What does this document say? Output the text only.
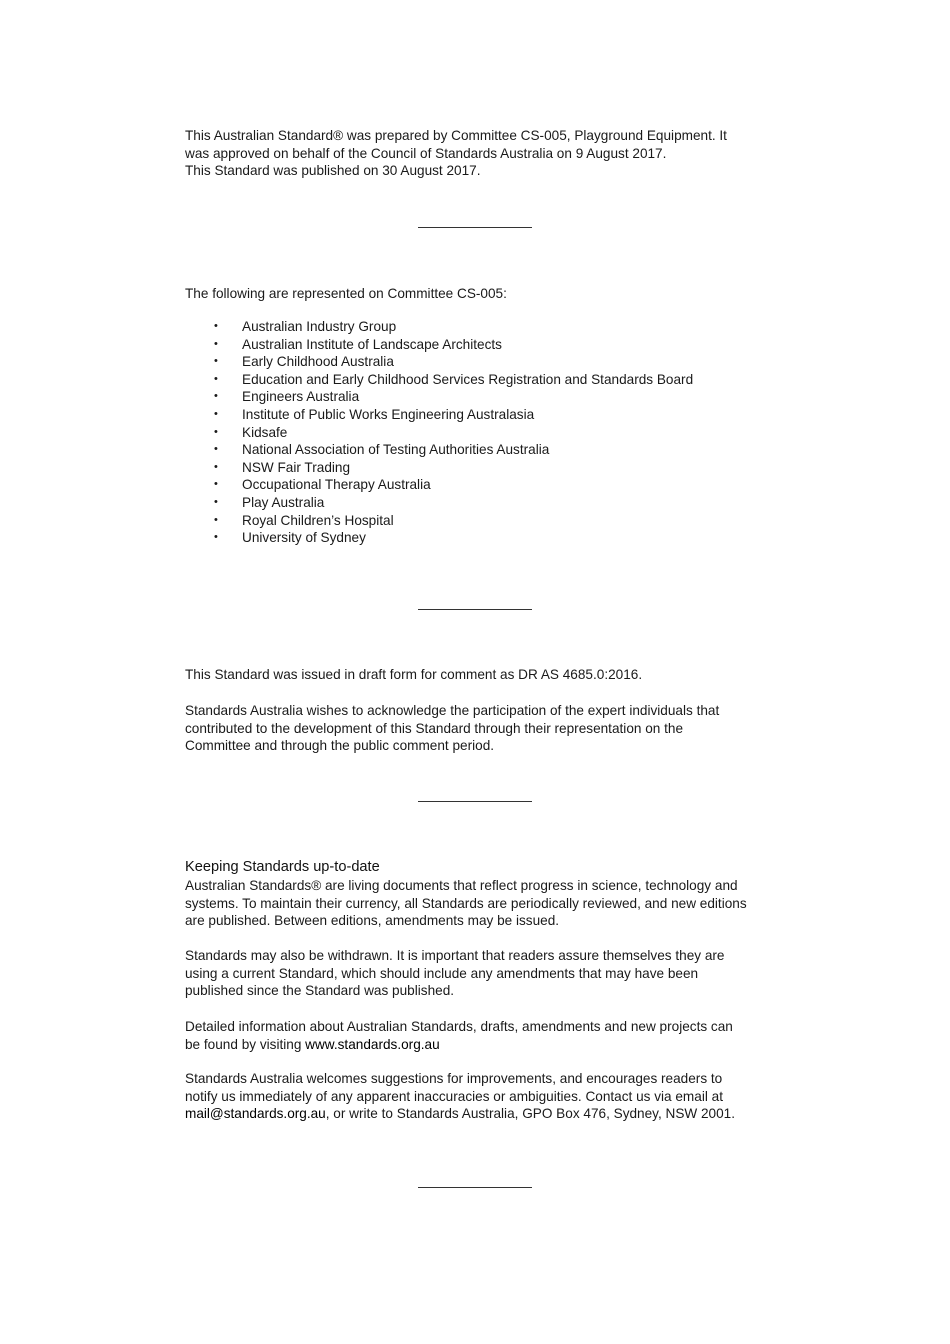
This Australian Standard® was prepared by Committee CS-005, Playground Equipment. It
was approved on behalf of the Council of Standards Australia on 9 August 2017.
This Standard was published on 30 August 2017.
The following are represented on Committee CS-005:
• Australian Industry Group
• Australian Institute of Landscape Architects
• Early Childhood Australia
• Education and Early Childhood Services Registration and Standards Board
• Engineers Australia
• Institute of Public Works Engineering Australasia
• Kidsafe
• National Association of Testing Authorities Australia
• NSW Fair Trading
• Occupational Therapy Australia
• Play Australia
• Royal Children’s Hospital
• University of Sydney
This Standard was issued in draft form for comment as DR AS 4685.0:2016.
Standards Australia wishes to acknowledge the participation of the expert individuals that
contributed to the development of this Standard through their representation on the
Committee and through the public comment period.
Keeping Standards up-to-date
Australian Standards® are living documents that reflect progress in science, technology and
systems. To maintain their currency, all Standards are periodically reviewed, and new editions
are published. Between editions, amendments may be issued.
Standards may also be withdrawn. It is important that readers assure themselves they are
using a current Standard, which should include any amendments that may have been
published since the Standard was published.
Detailed information about Australian Standards, drafts, amendments and new projects can
be found by visiting www.standards.org.au
Standards Australia welcomes suggestions for improvements, and encourages readers to
notify us immediately of any apparent inaccuracies or ambiguities. Contact us via email at
mail@standards.org.au, or write to Standards Australia, GPO Box 476, Sydney, NSW 2001.
